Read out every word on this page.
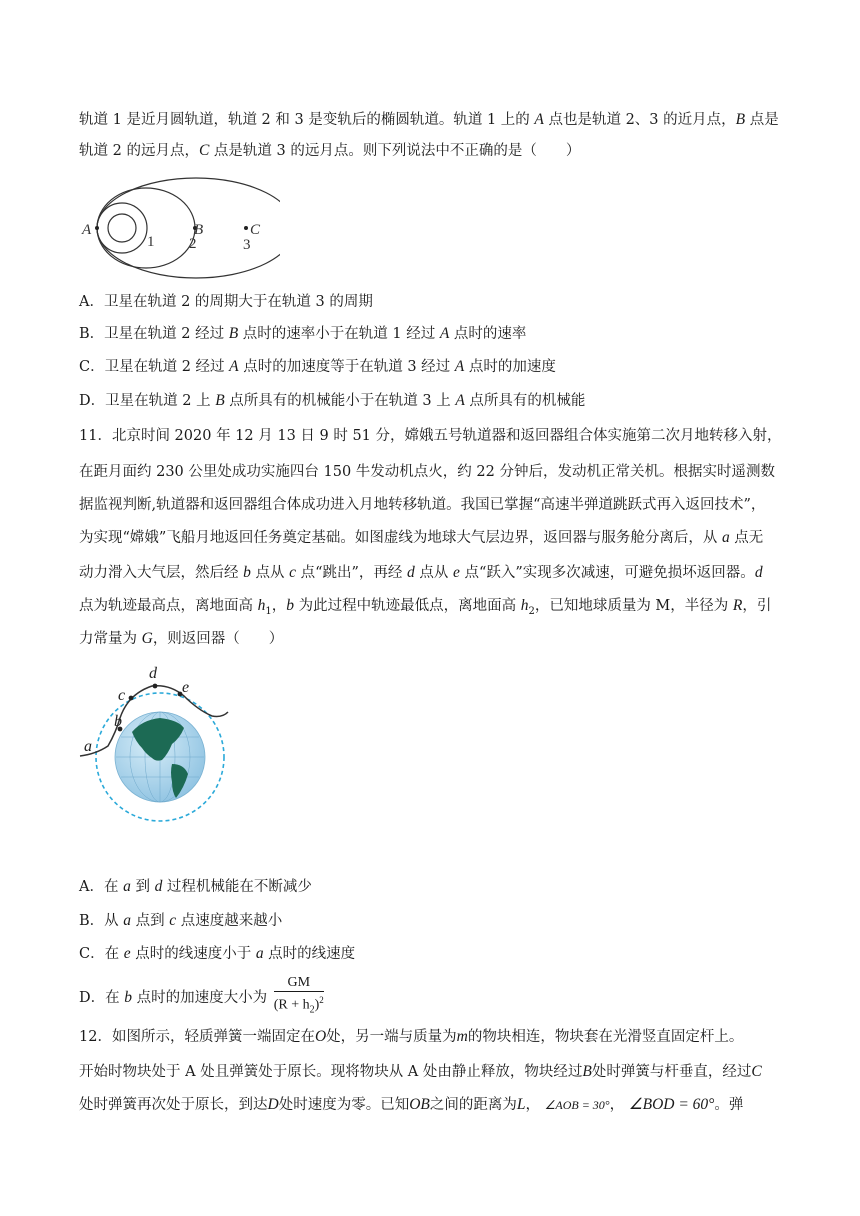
轨道 1 是近月圆轨道，轨道 2 和 3 是变轨后的椭圆轨道。轨道 1 上的 A 点也是轨道 2、3 的近月点，B 点是
轨道 2 的远月点，C 点是轨道 3 的远月点。则下列说法中不正确的是（　　）
A	B	C
1 2	3
A．卫星在轨道 2 的周期大于在轨道 3 的周期
B．卫星在轨道 2 经过 B 点时的速率小于在轨道 1 经过 A 点时的速率
C．卫星在轨道 2 经过 A 点时的加速度等于在轨道 3 经过 A 点时的加速度
D．卫星在轨道 2 上 B 点所具有的机械能小于在轨道 3 上 A 点所具有的机械能
11．北京时间 2020 年 12 月 13 日 9 时 51 分，嫦娥五号轨道器和返回器组合体实施第二次月地转移入射，
在距月面约 230 公里处成功实施四台 150 牛发动机点火，约 22 分钟后，发动机正常关机。根据实时遥测数
据监视判断,轨道器和返回器组合体成功进入月地转移轨道。我国已掌握“高速半弹道跳跃式再入返回技术”，
为实现“嫦娥”飞船月地返回任务奠定基础。如图虚线为地球大气层边界，返回器与服务舱分离后，从 a 点无
动力滑入大气层，然后经 b 点从 c 点“跳出”，再经 d 点从 e 点“跃入”实现多次减速，可避免损坏返回器。d
点为轨迹最高点，离地面高 $h_1$，b 为此过程中轨迹最低点，离地面高 $h_2$，已知地球质量为 M，半径为 R，引
力常量为 G，则返回器（　　）
a
b
c
d
e
A．在 a 到 d 过程机械能在不断减少
B．从 a 点到 c 点速度越来越小
C．在 e 点时的线速度小于 a 点时的线速度
D．在 b 点时的加速度大小为 $\frac{GM}{(R + h_2)^2}$
12．如图所示，轻质弹簧一端固定在O处，另一端与质量为m的物块相连，物块套在光滑竖直固定杆上。
开始时物块处于 A 处且弹簧处于原长。现将物块从 A 处由静止释放，物块经过B处时弹簧与杆垂直，经过C
处时弹簧再次处于原长，到达D处时速度为零。已知OB之间的距离为L， ∠AOB = 30°， ∠BOD = 60°。弹
